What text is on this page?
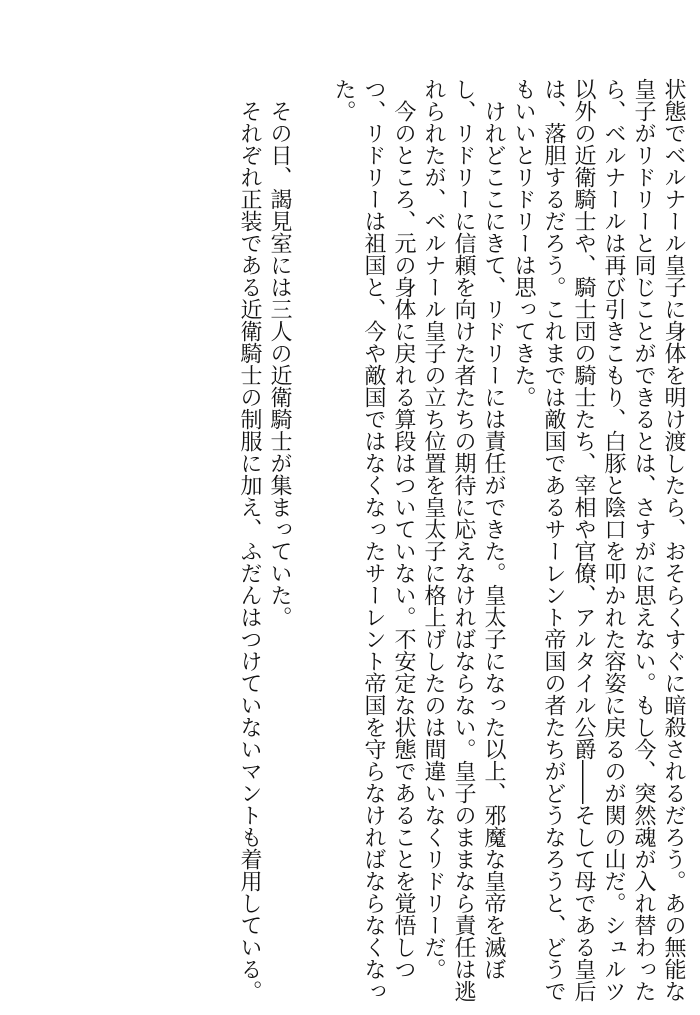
状態でベルナール皇子に身体を明け渡したら、おそらくすぐに暗殺されるだろう。あの無能な
皇子がリドリーと同じことができるとは、さすがに思えない。もし今、突然魂が入れ替わった
ら、ベルナールは再び引きこもり、白豚と陰口を叩かれた容姿に戻るのが関の山だ。シュルツ
以外の近衛騎士や、騎士団の騎士たち、宰相や官僚、アルタイル公爵――そして母である皇后
は、落胆するだろう。これまでは敵国であるサーレント帝国の者たちがどうなろうと、どうで
もいいとリドリーは思ってきた。
　けれどここにきて、リドリーには責任ができた。皇太子になった以上、邪魔な皇帝を滅ぼ
し、リドリーに信頼を向けた者たちの期待に応えなければならない。皇子のままなら責任は逃
れられたが、ベルナール皇子の立ち位置を皇太子に格上げしたのは間違いなくリドリーだ。
　今のところ、元の身体に戻れる算段はついていない。不安定な状態であることを覚悟しつ
つ、リドリーは祖国と、今や敵国ではなくなったサーレント帝国を守らなければならなくなっ
た。
　その日、謁見室には三人の近衛騎士が集まっていた。
　それぞれ正装である近衛騎士の制服に加え、ふだんはつけていないマントも着用している。
